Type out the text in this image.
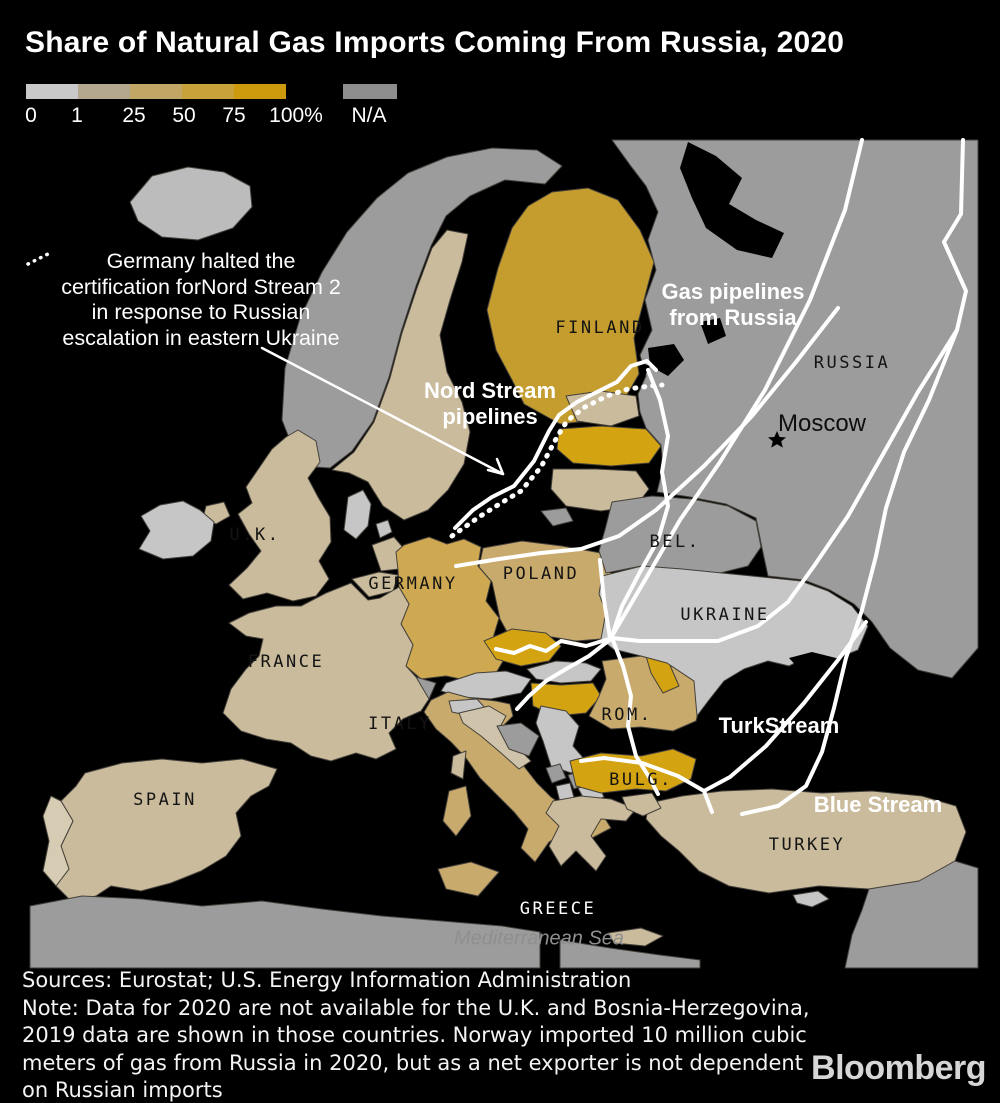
Share of Natural Gas Imports Coming From Russia, 2020
0 1 25 50 75 100% N/A
FINLAND
RUSSIA
U.K.
GERMANY	POLAND
BEL.
UKRAINE
FRANCE
ITALY	ROM.
SPAIN
BULG.
TURKEY
GREECE
Moscow
Mediterranean Sea
Gas pipelines
from Russia
Nord Stream
pipelines
TurkStream
Blue Stream
Germany halted the
certification for
Nord Stream 2
in response to Russian
escalation in eastern Ukraine
Sources: Eurostat; U.S. Energy Information Administration
Note: Data for 2020 are not available for the U.K. and Bosnia-Herzegovina, 2019 data are shown in those countries. Norway imported 10 million cubic meters of gas from Russia in 2020, but as a net exporter is not dependent on Russian imports
Bloomberg
